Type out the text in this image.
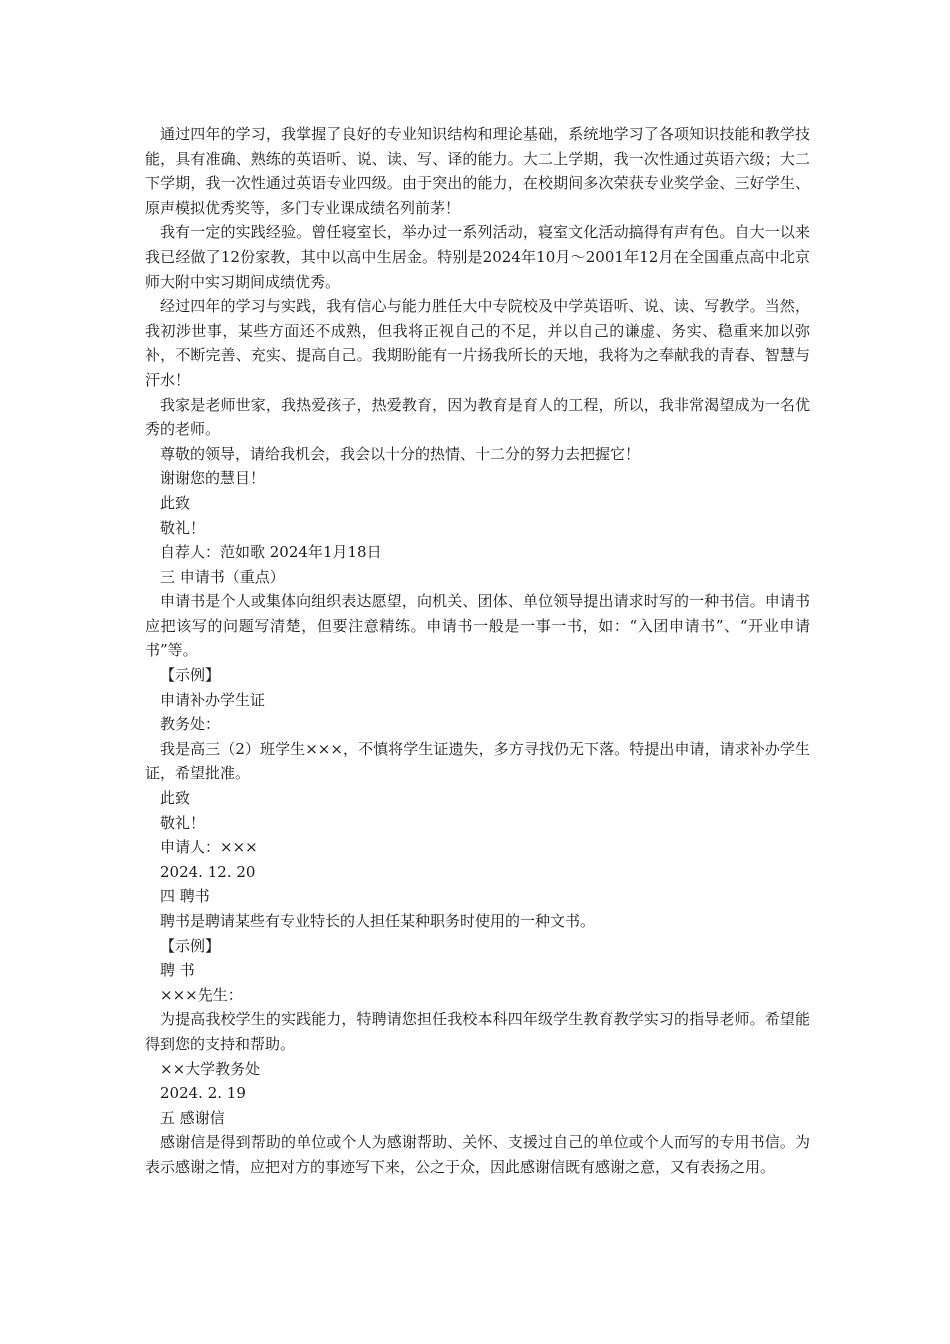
通过四年的学习，我掌握了良好的专业知识结构和理论基础，系统地学习了各项知识技能和教学技能，具有准确、熟练的英语听、说、读、写、译的能力。大二上学期，我一次性通过英语六级；大二下学期，我一次性通过英语专业四级。由于突出的能力，在校期间多次荣获专业奖学金、三好学生、原声模拟优秀奖等，多门专业课成绩名列前茅！

我有一定的实践经验。曾任寝室长，举办过一系列活动，寝室文化活动搞得有声有色。自大一以来我已经做了12份家教，其中以高中生居金。特别是2024年10月～2001年12月在全国重点高中北京师大附中实习期间成绩优秀。

经过四年的学习与实践，我有信心与能力胜任大中专院校及中学英语听、说、读、写教学。当然，我初涉世事，某些方面还不成熟，但我将正视自己的不足，并以自己的谦虚、务实、稳重来加以弥补，不断完善、充实、提高自己。我期盼能有一片扬我所长的天地，我将为之奉献我的青春、智慧与汗水！

我家是老师世家，我热爱孩子，热爱教育，因为教育是育人的工程，所以，我非常渴望成为一名优秀的老师。

尊敬的领导，请给我机会，我会以十分的热情、十二分的努力去把握它！

谢谢您的慧目！

此致

敬礼！

自荐人：范如歌 2024年1月18日

三 申请书（重点）

申请书是个人或集体向组织表达愿望，向机关、团体、单位领导提出请求时写的一种书信。申请书应把该写的问题写清楚，但要注意精练。申请书一般是一事一书，如：“入团申请书”、“开业申请书”等。

【示例】

申请补办学生证

教务处：

我是高三（2）班学生×××，不慎将学生证遗失，多方寻找仍无下落。特提出申请，请求补办学生证，希望批准。

此致

敬礼！

申请人：×××

2024. 12. 20

四 聘书

聘书是聘请某些有专业特长的人担任某种职务时使用的一种文书。

【示例】

聘 书

×××先生：

为提高我校学生的实践能力，特聘请您担任我校本科四年级学生教育教学实习的指导老师。希望能得到您的支持和帮助。

××大学教务处

2024. 2. 19

五 感谢信

感谢信是得到帮助的单位或个人为感谢帮助、关怀、支援过自己的单位或个人而写的专用书信。为表示感谢之情，应把对方的事迹写下来，公之于众，因此感谢信既有感谢之意，又有表扬之用。
